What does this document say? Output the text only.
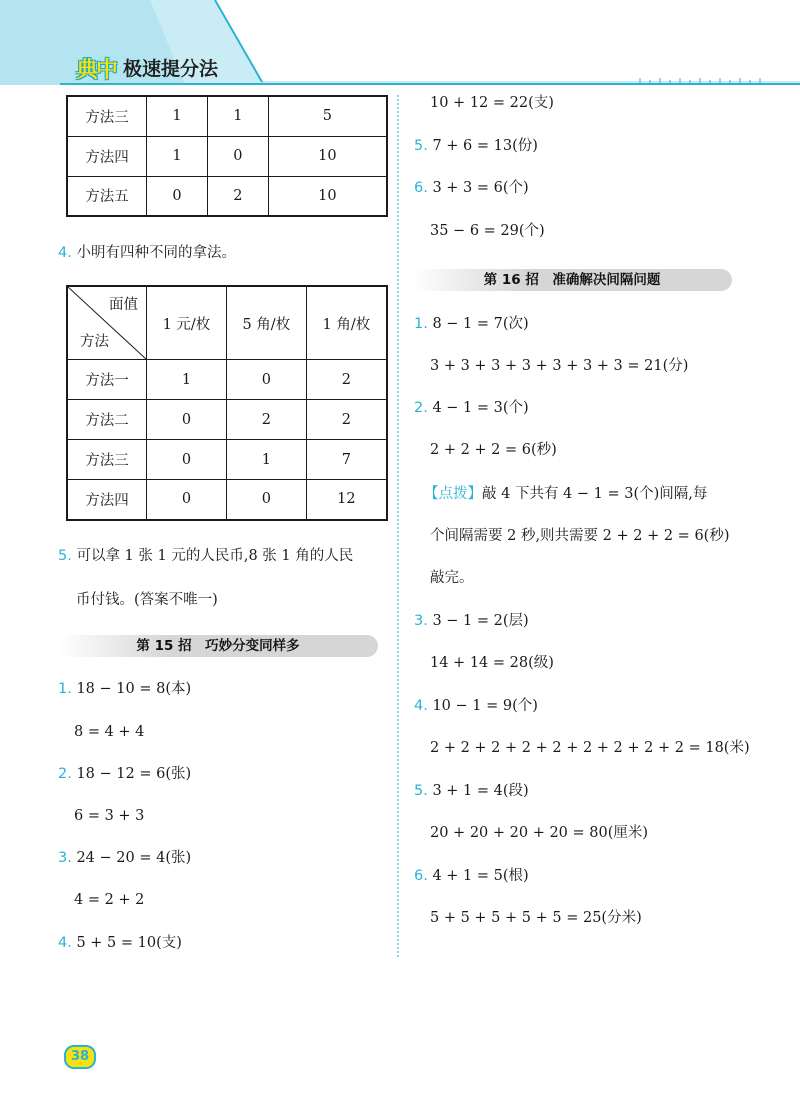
典中 极速提分法
方法三	1	1	5
方法四	1	0	10
方法五	0	2	10
4. 小明有四种不同的拿法。
面值
方法	1 元/枚	5 角/枚	1 角/枚
方法一	1	0	2
方法二	0	2	2
方法三	0	1	7
方法四	0	0	12
5. 可以拿 1 张 1 元的人民币,8 张 1 角的人民
币付钱。(答案不唯一)
第 15 招　巧妙分变同样多
1. 18 − 10 = 8(本)
8 = 4 + 4
2. 18 − 12 = 6(张)
6 = 3 + 3
3. 24 − 20 = 4(张)
4 = 2 + 2
4. 5 + 5 = 10(支)
10 + 12 = 22(支)
5. 7 + 6 = 13(份)
6. 3 + 3 = 6(个)
35 − 6 = 29(个)
第 16 招　准确解决间隔问题
1. 8 − 1 = 7(次)
3 + 3 + 3 + 3 + 3 + 3 + 3 = 21(分)
2. 4 − 1 = 3(个)
2 + 2 + 2 = 6(秒)
【点拨】敲 4 下共有 4 − 1 = 3(个)间隔,每
个间隔需要 2 秒,则共需要 2 + 2 + 2 = 6(秒)
敲完。
3. 3 − 1 = 2(层)
14 + 14 = 28(级)
4. 10 − 1 = 9(个)
2 + 2 + 2 + 2 + 2 + 2 + 2 + 2 + 2 = 18(米)
5. 3 + 1 = 4(段)
20 + 20 + 20 + 20 = 80(厘米)
6. 4 + 1 = 5(根)
5 + 5 + 5 + 5 + 5 = 25(分米)
38
